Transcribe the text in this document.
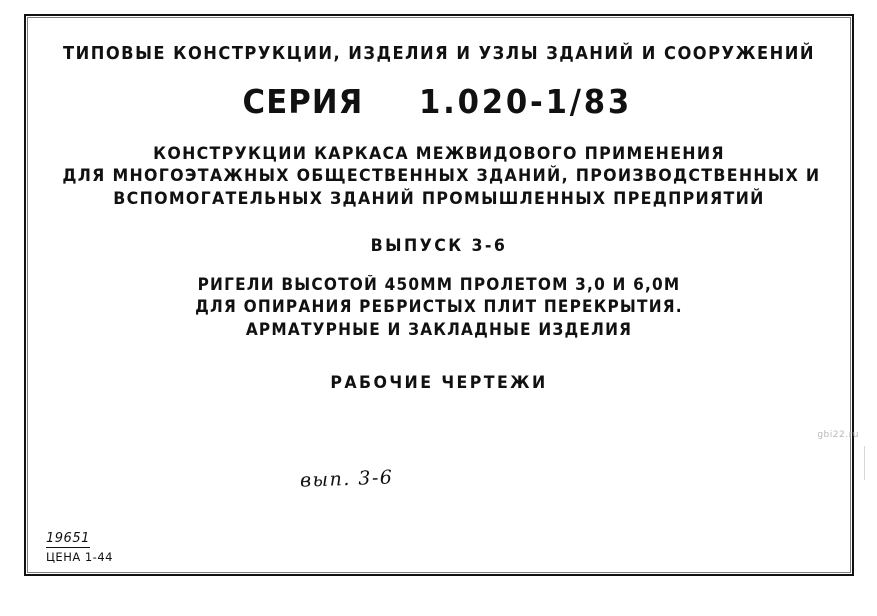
ТИПОВЫЕ КОНСТРУКЦИИ, ИЗДЕЛИЯ И УЗЛЫ ЗДАНИЙ И СООРУЖЕНИЙ
СЕРИЯ 1.020-1/83
КОНСТРУКЦИИ КАРКАСА МЕЖВИДОВОГО ПРИМЕНЕНИЯ
ДЛЯ МНОГОЭТАЖНЫХ ОБЩЕСТВЕННЫХ ЗДАНИЙ, ПРОИЗВОДСТВЕННЫХ И
ВСПОМОГАТЕЛЬНЫХ ЗДАНИЙ ПРОМЫШЛЕННЫХ ПРЕДПРИЯТИЙ
ВЫПУСК 3-6
РИГЕЛИ ВЫСОТОЙ 450ММ ПРОЛЕТОМ 3,0 И 6,0М
ДЛЯ ОПИРАНИЯ РЕБРИСТЫХ ПЛИТ ПЕРЕКРЫТИЯ.
АРМАТУРНЫЕ И ЗАКЛАДНЫЕ ИЗДЕЛИЯ
РАБОЧИЕ ЧЕРТЕЖИ
вып. 3-6
19651
ЦЕНА 1-44
gbi22.ru
